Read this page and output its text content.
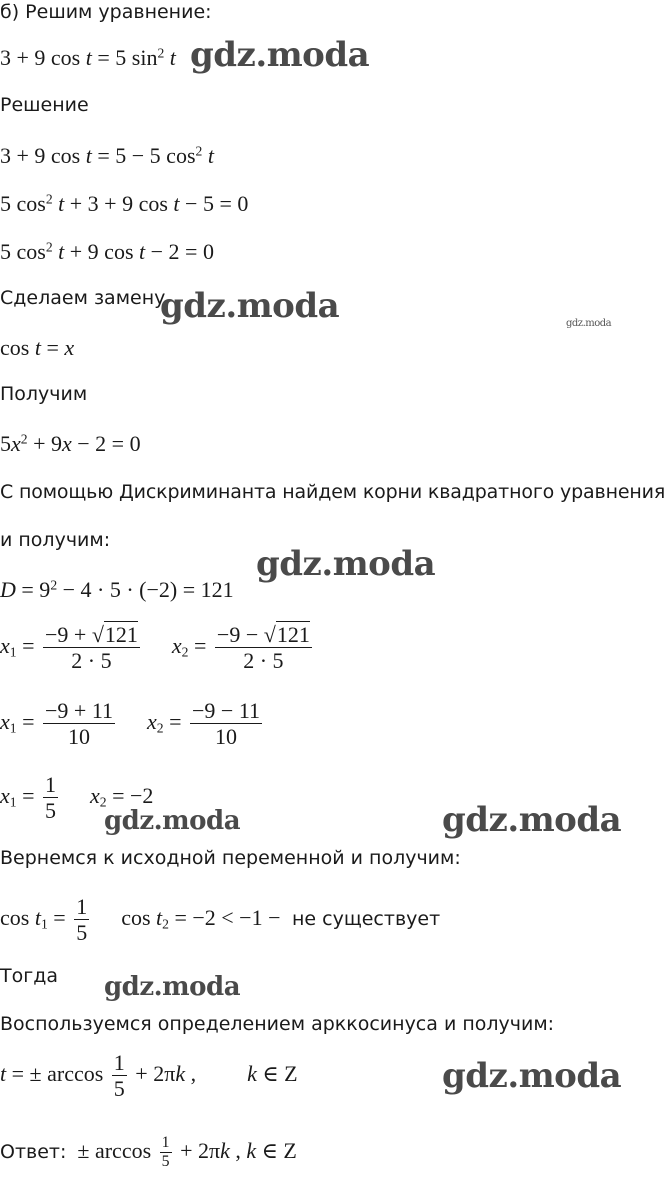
б) Решим уравнение:
3 + 9 cos t = 5 $\sin^2 t$ gdz.moda
Решение
3 + 9 cos t = 5 − 5 $\cos^2 t$
5 $\cos^2 t + 3 + 9$ cos t − 5 = 0
5 $\cos^2 t + 9$ cos t − 2 = 0
Сделаем замену
gdz.moda	gdz.moda
cos t = x
Получим
$5x^2 + 9x - 2 = 0$
С помощью Дискриминанта найдем корни квадратного уравнения
и получим:
gdz.moda
$D = 9^2 - 4 \cdot 5 \cdot (-2) = 121$
$x_1 = \frac{-9 + √121}{2 \cdot 5} x_2 = \frac{-9 - √121}{2 \cdot 5}$
$x_1 = \frac{-9 + 11}{10} x_2 = \frac{-9 - 11}{10}$
$x_1 = \frac{1}{5} x_2 = -2$
gdz.moda	gdz.moda
Вернемся к исходной переменной и получим:
$\cos t_1 = \frac{1}{5}$ $\cos t_2 = -2 < -1$ − не существует
Тогда gdz.moda
Воспользуемся определением арккосинуса и получим:
t = ± $\arccos \frac{1}{5} + 2\pi k$ ,  k ∈ Z	gdz.moda
Ответ:  ± $\arccos \frac{1}{5} + 2\pi k$ , k ∈ Z
